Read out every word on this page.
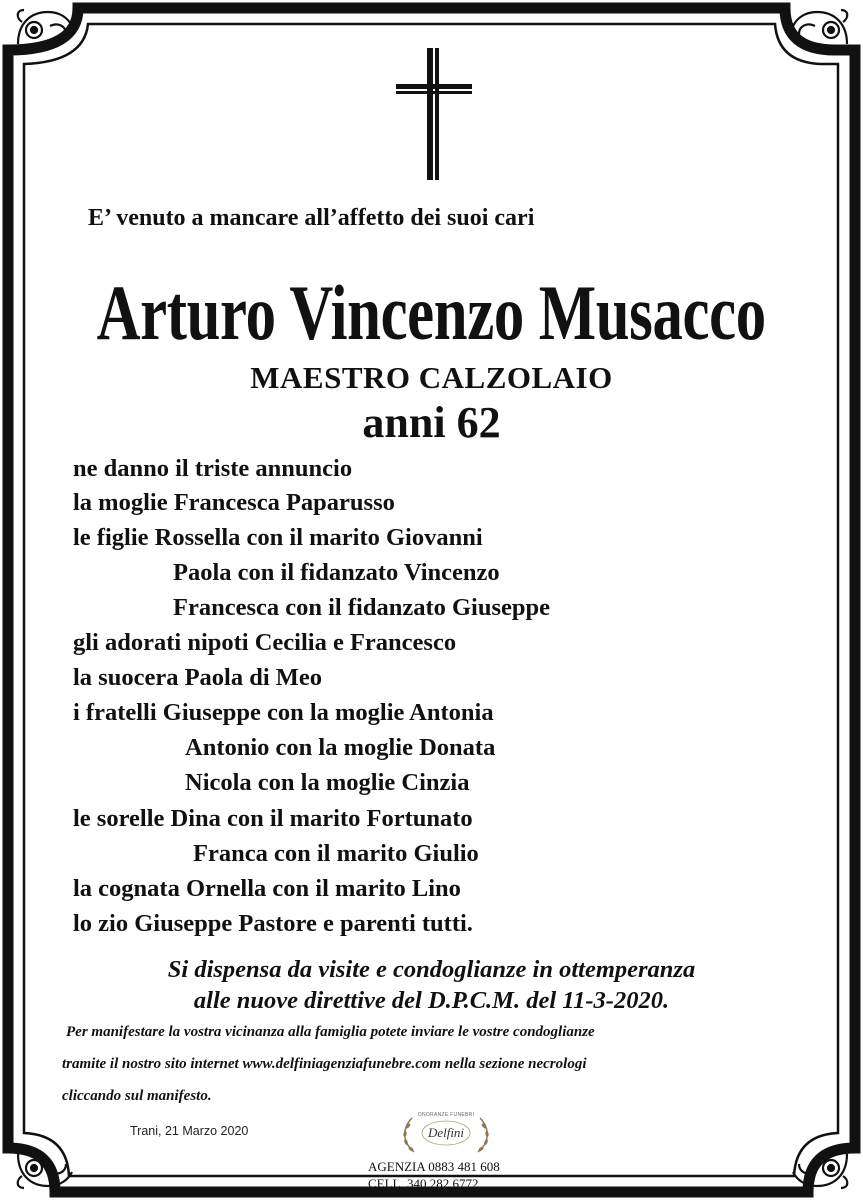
E’ venuto a mancare all’affetto dei suoi cari
Arturo Vincenzo Musacco
MAESTRO CALZOLAIO
anni 62
ne danno il triste annuncio
la moglie Francesca Paparusso
le figlie Rossella con il marito Giovanni
Paola con il fidanzato Vincenzo
Francesca con il fidanzato Giuseppe
gli adorati nipoti Cecilia e Francesco
la suocera Paola di Meo
i fratelli Giuseppe con la moglie Antonia
Antonio con la moglie Donata
Nicola con la moglie Cinzia
le sorelle Dina con il marito Fortunato
Franca con il marito Giulio
la cognata Ornella con il marito Lino
lo zio Giuseppe Pastore e parenti tutti.
Si dispensa da visite e condoglianze in ottemperanza
alle nuove direttive del D.P.C.M. del 11-3-2020.
Per manifestare la vostra vicinanza alla famiglia potete inviare le vostre condoglianze
tramite il nostro sito internet www.delfiniagenziafunebre.com nella sezione necrologi
cliccando sul manifesto.
Trani, 21 Marzo 2020
ONORANZE FUNEBRI
Delfini
AGENZIA 0883 481 608
CELL. 340 282 6772
